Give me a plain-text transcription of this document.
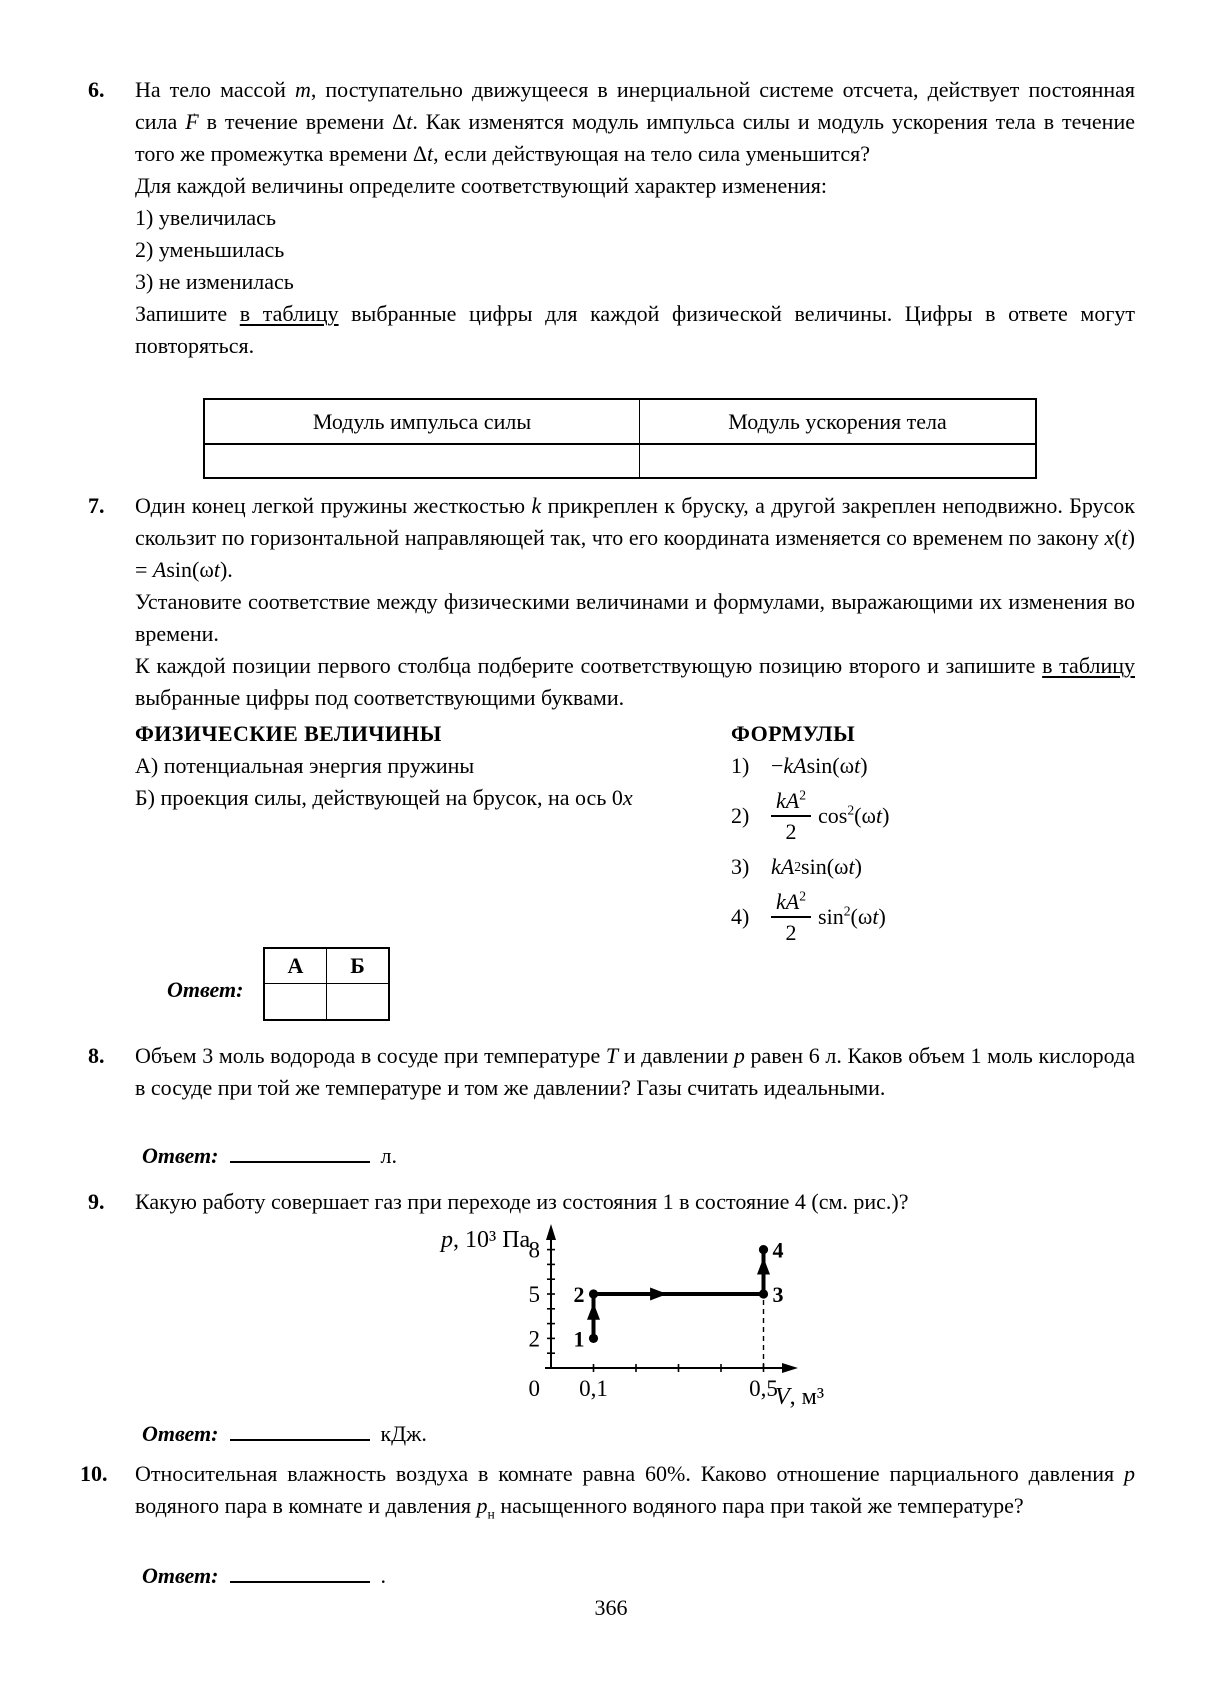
6. На тело массой m, поступательно движущееся в инерциальной системе отсчета, действует постоянная сила F → в течение времени Δt. Как изменятся модуль импульса силы и модуль ускорения тела в течение того же промежутка времени Δt, если действующая на тело сила уменьшится?
Для каждой величины определите соответствующий характер изменения:
1) увеличилась
2) уменьшилась
3) не изменилась
Запишите в таблицу выбранные цифры для каждой физической величины. Цифры в ответе могут повторяться.
Модуль импульса силы	Модуль ускорения тела

7. Один конец легкой пружины жесткостью k прикреплен к бруску, а другой закреплен неподвижно. Брусок скользит по горизонтальной направляющей так, что его координата изменяется со временем по закону x(t) = Asin(ωt).
Установите соответствие между физическими величинами и формулами, выражающими их изменения во времени.
К каждой позиции первого столбца подберите соответствующую позицию второго и запишите в таблицу выбранные цифры под соответствующими буквами.
ФИЗИЧЕСКИЕ ВЕЛИЧИНЫ
А) потенциальная энергия пружины
Б) проекция силы, действующей на брусок, на ось 0x
ФОРМУЛЫ
1) − kA sin(ω t )
$2) \frac{kA^2}{2} \cos^2(\omega t)$
3) kA 2 sin(ω t )
$4) \frac{kA^2}{2} \sin^2(\omega t)$
Ответ:
А	Б

8. Объем 3 моль водорода в сосуде при температуре T и давлении p равен 6 л. Каков объем 1 моль кислорода в сосуде при той же температуре и том же давлении? Газы считать идеальными.
Ответ:	л.
9. Какую работу совершает газ при переходе из состояния 1 в состояние 4 (см. рис.)?
2
5
8
0,1	0,5
0
1
2	3
4
p, 10³ Па
V, м³
Ответ:	кДж.
10. Относительная влажность воздуха в комнате равна 60%. Каково отношение парциального давления p водяного пара в комнате и давления $p_н$ насыщенного водяного пара при такой же температуре?
Ответ:	.
366
